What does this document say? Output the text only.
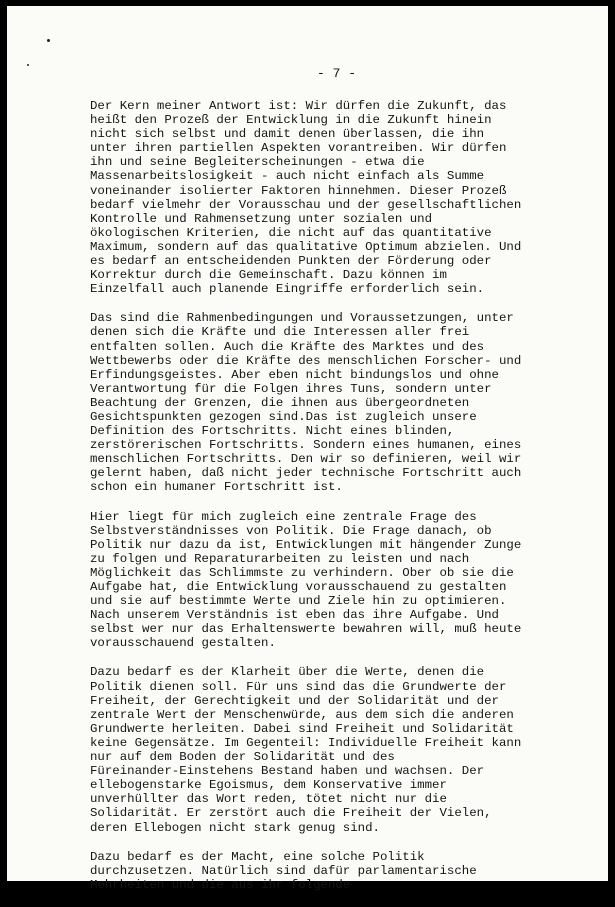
- 7 -
Der Kern meiner Antwort ist: Wir dürfen die Zukunft, das
heißt den Prozeß der Entwicklung in die Zukunft hinein
nicht sich selbst und damit denen überlassen, die ihn
unter ihren partiellen Aspekten vorantreiben. Wir dürfen
ihn und seine Begleiterscheinungen - etwa die
Massenarbeitslosigkeit - auch nicht einfach als Summe
voneinander isolierter Faktoren hinnehmen. Dieser Prozeß
bedarf vielmehr der Vorausschau und der gesellschaftlichen
Kontrolle und Rahmensetzung unter sozialen und
ökologischen Kriterien, die nicht auf das quantitative
Maximum, sondern auf das qualitative Optimum abzielen. Und
es bedarf an entscheidenden Punkten der Förderung oder
Korrektur durch die Gemeinschaft. Dazu können im
Einzelfall auch planende Eingriffe erforderlich sein.
Das sind die Rahmenbedingungen und Voraussetzungen, unter
denen sich die Kräfte und die Interessen aller frei
entfalten sollen. Auch die Kräfte des Marktes und des
Wettbewerbs oder die Kräfte des menschlichen Forscher- und
Erfindungsgeistes. Aber eben nicht bindungslos und ohne
Verantwortung für die Folgen ihres Tuns, sondern unter
Beachtung der Grenzen, die ihnen aus übergeordneten
Gesichtspunkten gezogen sind.Das ist zugleich unsere
Definition des Fortschritts. Nicht eines blinden,
zerstörerischen Fortschritts. Sondern eines humanen, eines
menschlichen Fortschritts. Den wir so definieren, weil wir
gelernt haben, daß nicht jeder technische Fortschritt auch
schon ein humaner Fortschritt ist.
Hier liegt für mich zugleich eine zentrale Frage des
Selbstverständnisses von Politik. Die Frage danach, ob
Politik nur dazu da ist, Entwicklungen mit hängender Zunge
zu folgen und Reparaturarbeiten zu leisten und nach
Möglichkeit das Schlimmste zu verhindern. Ober ob sie die
Aufgabe hat, die Entwicklung vorausschauend zu gestalten
und sie auf bestimmte Werte und Ziele hin zu optimieren.
Nach unserem Verständnis ist eben das ihre Aufgabe. Und
selbst wer nur das Erhaltenswerte bewahren will, muß heute
vorausschauend gestalten.
Dazu bedarf es der Klarheit über die Werte, denen die
Politik dienen soll. Für uns sind das die Grundwerte der
Freiheit, der Gerechtigkeit und der Solidarität und der
zentrale Wert der Menschenwürde, aus dem sich die anderen
Grundwerte herleiten. Dabei sind Freiheit und Solidarität
keine Gegensätze. Im Gegenteil: Individuelle Freiheit kann
nur auf dem Boden der Solidarität und des
Füreinander-Einstehens Bestand haben und wachsen. Der
ellebogenstarke Egoismus, dem Konservative immer
unverhüllter das Wort reden, tötet nicht nur die
Solidarität. Er zerstört auch die Freiheit der Vielen,
deren Ellebogen nicht stark genug sind.
Dazu bedarf es der Macht, eine solche Politik
durchzusetzen. Natürlich sind dafür parlamentarische
Mehrheiten und die aus ihr folgende
